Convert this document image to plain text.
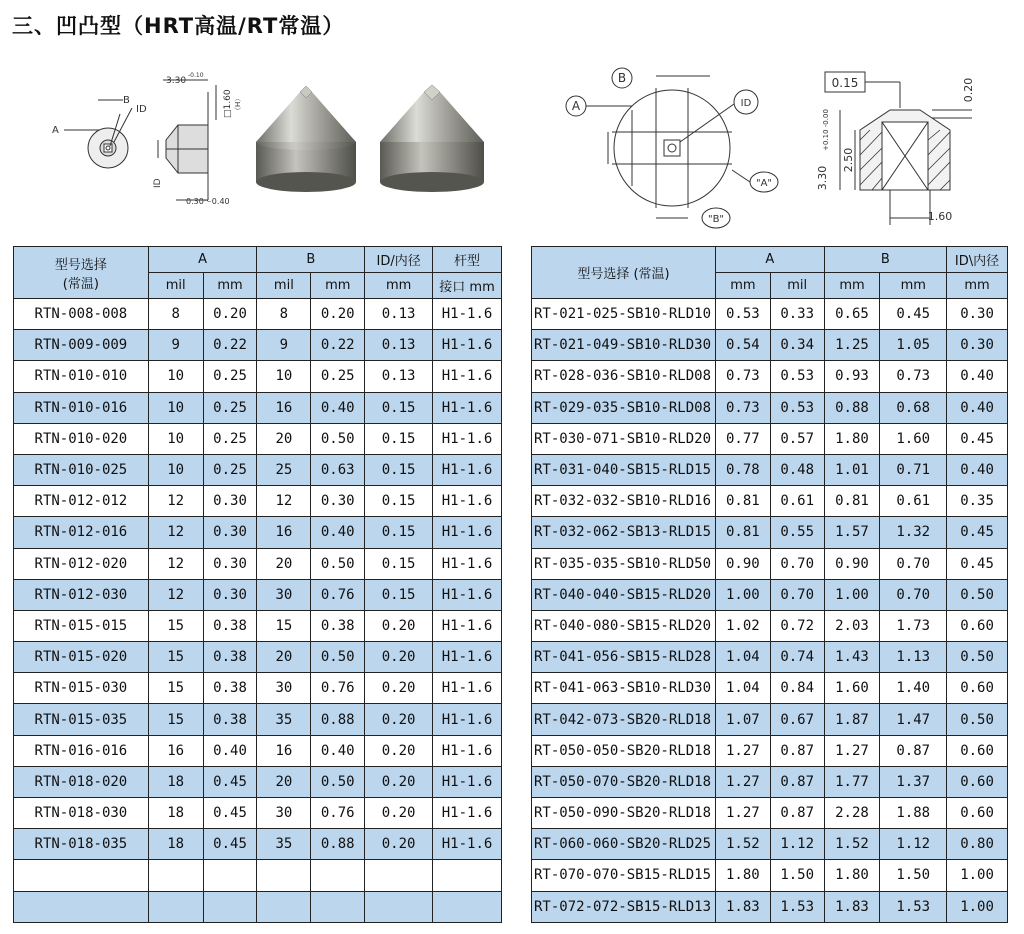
三、凹凸型（HRT高温/RT常温）
A
B
ID
3.30
-0.10
□1.60 （H）
0.30～0.40
ID
B
A	ID
"A"
"B"
0.15	0.20
3.30
+0.10 -0.00
2.50
1.60
型号选择
(常温)	A		B		ID/内径	杆型
	mil	mm	mil	mm	mm	接口 mm
RTN-008-008	8	0.20	8	0.20	0.13	H1-1.6
RTN-009-009	9	0.22	9	0.22	0.13	H1-1.6
RTN-010-010	10	0.25	10	0.25	0.13	H1-1.6
RTN-010-016	10	0.25	16	0.40	0.15	H1-1.6
RTN-010-020	10	0.25	20	0.50	0.15	H1-1.6
RTN-010-025	10	0.25	25	0.63	0.15	H1-1.6
RTN-012-012	12	0.30	12	0.30	0.15	H1-1.6
RTN-012-016	12	0.30	16	0.40	0.15	H1-1.6
RTN-012-020	12	0.30	20	0.50	0.15	H1-1.6
RTN-012-030	12	0.30	30	0.76	0.15	H1-1.6
RTN-015-015	15	0.38	15	0.38	0.20	H1-1.6
RTN-015-020	15	0.38	20	0.50	0.20	H1-1.6
RTN-015-030	15	0.38	30	0.76	0.20	H1-1.6
RTN-015-035	15	0.38	35	0.88	0.20	H1-1.6
RTN-016-016	16	0.40	16	0.40	0.20	H1-1.6
RTN-018-020	18	0.45	20	0.50	0.20	H1-1.6
RTN-018-030	18	0.45	30	0.76	0.20	H1-1.6
RTN-018-035	18	0.45	35	0.88	0.20	H1-1.6

型号选择 (常温)	A		B		ID\内径
	mm	mil	mm	mm	mm
RT-021-025-SB10-RLD10	0.53	0.33	0.65	0.45	0.30
RT-021-049-SB10-RLD30	0.54	0.34	1.25	1.05	0.30
RT-028-036-SB10-RLD08	0.73	0.53	0.93	0.73	0.40
RT-029-035-SB10-RLD08	0.73	0.53	0.88	0.68	0.40
RT-030-071-SB10-RLD20	0.77	0.57	1.80	1.60	0.45
RT-031-040-SB15-RLD15	0.78	0.48	1.01	0.71	0.40
RT-032-032-SB10-RLD16	0.81	0.61	0.81	0.61	0.35
RT-032-062-SB13-RLD15	0.81	0.55	1.57	1.32	0.45
RT-035-035-SB10-RLD50	0.90	0.70	0.90	0.70	0.45
RT-040-040-SB15-RLD20	1.00	0.70	1.00	0.70	0.50
RT-040-080-SB15-RLD20	1.02	0.72	2.03	1.73	0.60
RT-041-056-SB15-RLD28	1.04	0.74	1.43	1.13	0.50
RT-041-063-SB10-RLD30	1.04	0.84	1.60	1.40	0.60
RT-042-073-SB20-RLD18	1.07	0.67	1.87	1.47	0.50
RT-050-050-SB20-RLD18	1.27	0.87	1.27	0.87	0.60
RT-050-070-SB20-RLD18	1.27	0.87	1.77	1.37	0.60
RT-050-090-SB20-RLD18	1.27	0.87	2.28	1.88	0.60
RT-060-060-SB20-RLD25	1.52	1.12	1.52	1.12	0.80
RT-070-070-SB15-RLD15	1.80	1.50	1.80	1.50	1.00
RT-072-072-SB15-RLD13	1.83	1.53	1.83	1.53	1.00
